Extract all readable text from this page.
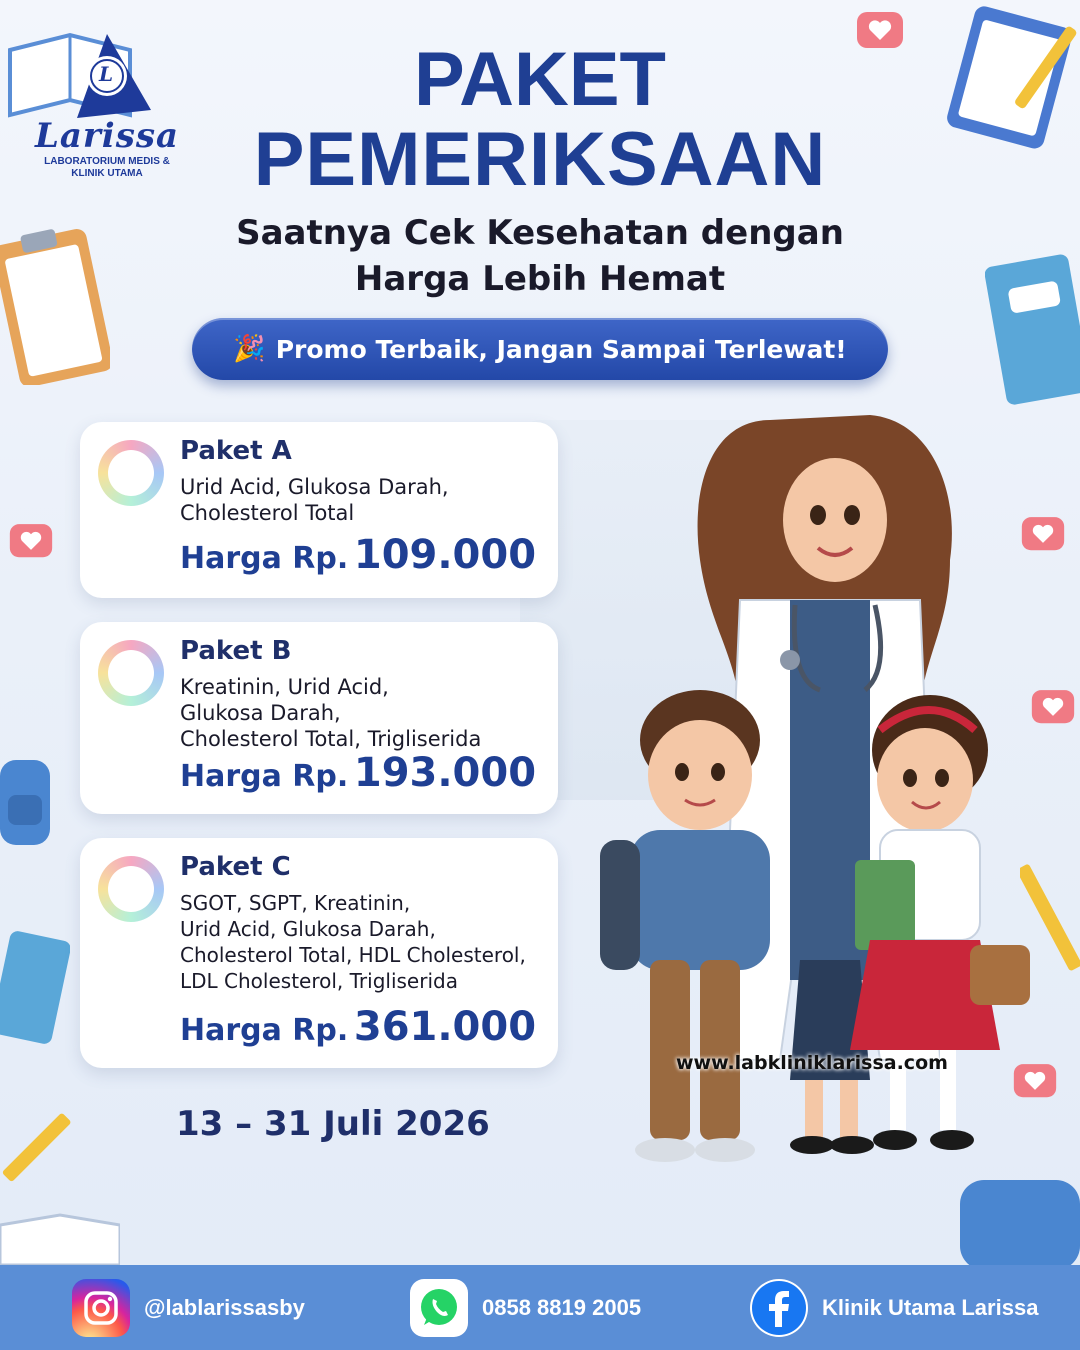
L
Larissa
LABORATORIUM MEDIS &
KLINIK UTAMA
PAKET
PEMERIKSAAN
Saatnya Cek Kesehatan dengan
Harga Lebih Hemat
🎉 Promo Terbaik, Jangan Sampai Terlewat!
Paket A
Urid Acid, Glukosa Darah,
Cholesterol Total
Harga Rp. 109.000
Paket B
Kreatinin, Urid Acid,
Glukosa Darah,
Cholesterol Total, Trigliserida
Harga Rp. 193.000
Paket C
SGOT, SGPT, Kreatinin,
Urid Acid, Glukosa Darah,
Cholesterol Total, HDL Cholesterol,
LDL Cholesterol, Trigliserida
Harga Rp. 361.000
www.labkliniklarissa.com
13 – 31 Juli 2026
@lablarissasby	0858 8819 2005	Klinik Utama Larissa
